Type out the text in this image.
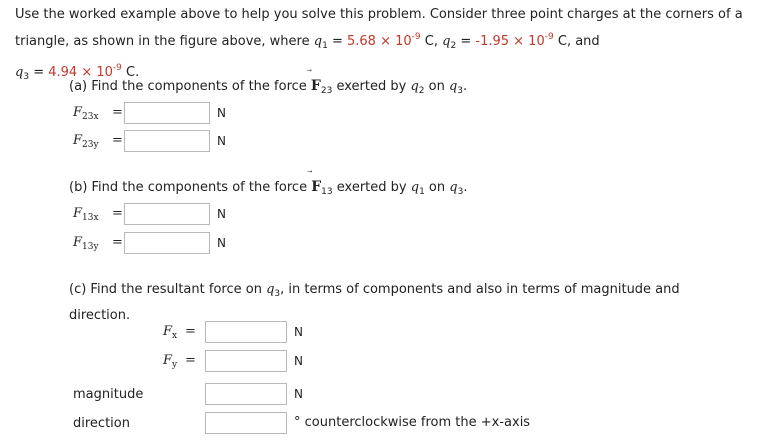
Use the worked example above to help you solve this problem. Consider three point charges at the corners of a triangle, as shown in the figure above, where $q_1 = 5.68 \times 10^{-9}$ C, $q_2 = -1.95 \times 10^{-9}$ C, and
$q_3 = 4.94 \times 10^{-9}$ C.
(a) Find the components of the force
$F_{23}$ exerted by $q_2$ on $q_3$.
$F_{23x}$ =	N
$F_{23y}$ =	N
(b) Find the components of the force
$F_{13}$ exerted by $q_1$ on $q_3$.
$F_{13x}$ =	N
$F_{13y}$ =	N
(c) Find the resultant force on $q_3$, in terms of components and also in terms of magnitude and direction.
$F_x$ =	N
$F_y$ =	N
magnitude	N
direction	° counterclockwise from the +x-axis
